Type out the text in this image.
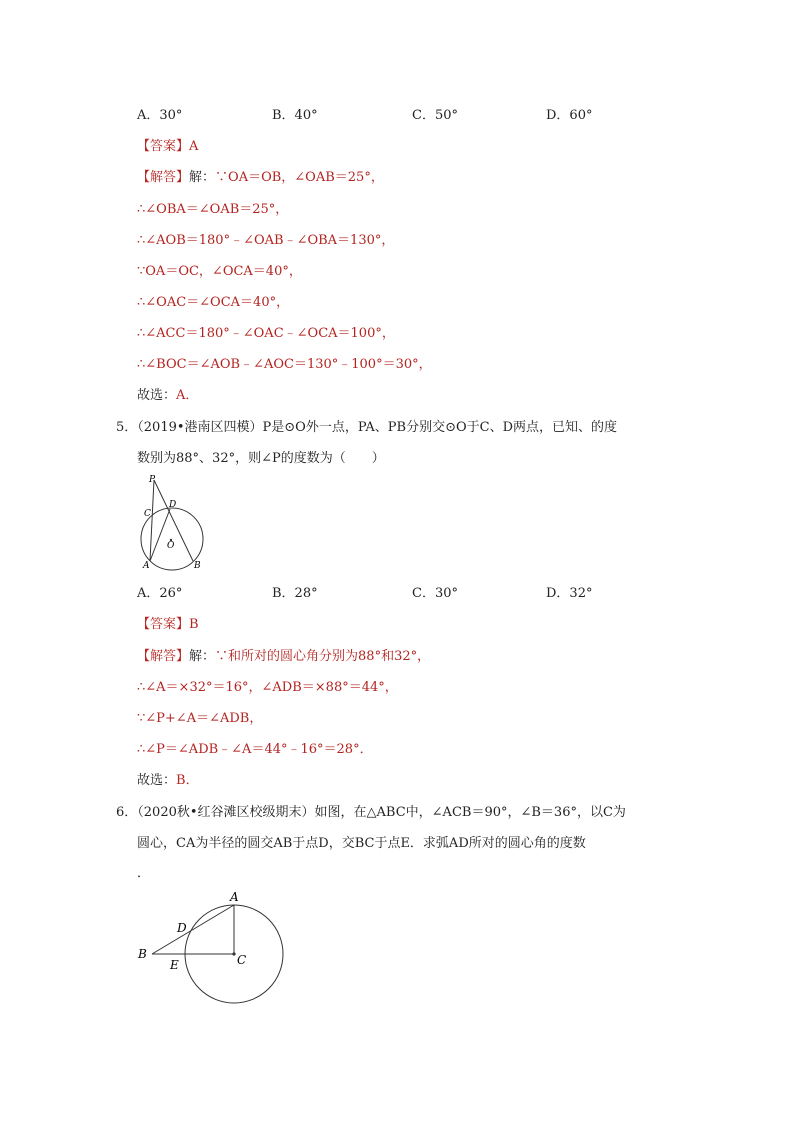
A．30°	B．40°	C．50°	D．60°
【答案】A
【解答】解：∵OA＝OB，∠OAB＝25°，
∴∠OBA＝∠OAB＝25°，
∴∠AOB＝180°﹣∠OAB﹣∠OBA＝130°，
∵OA＝OC，∠OCA＝40°，
∴∠OAC＝∠OCA＝40°，
∴∠ACC＝180°﹣∠OAC﹣∠OCA＝100°，
∴∠BOC＝∠AOB﹣∠AOC＝130°﹣100°＝30°，
故选：A．
5．（2019•港南区四模）P是⊙O外一点，PA、PB分别交⊙O于C、D两点，已知、的度
数别为88°、32°，则∠P的度数为（　　）
P
D
C
O
A	B
A．26°	B．28°	C．30°	D．32°
【答案】B
【解答】解：∵和所对的圆心角分别为88°和32°，
∴∠A＝×32°＝16°，∠ADB＝×88°＝44°，
∵∠P+∠A＝∠ADB，
∴∠P＝∠ADB﹣∠A＝44°﹣16°＝28°．
故选：B．
6．（2020秋•红谷滩区校级期末）如图，在△ABC中，∠ACB＝90°，∠B＝36°，以C为
圆心，CA为半径的圆交AB于点D，交BC于点E．求弧AD所对的圆心角的度数
．
A
D
B
E	C
